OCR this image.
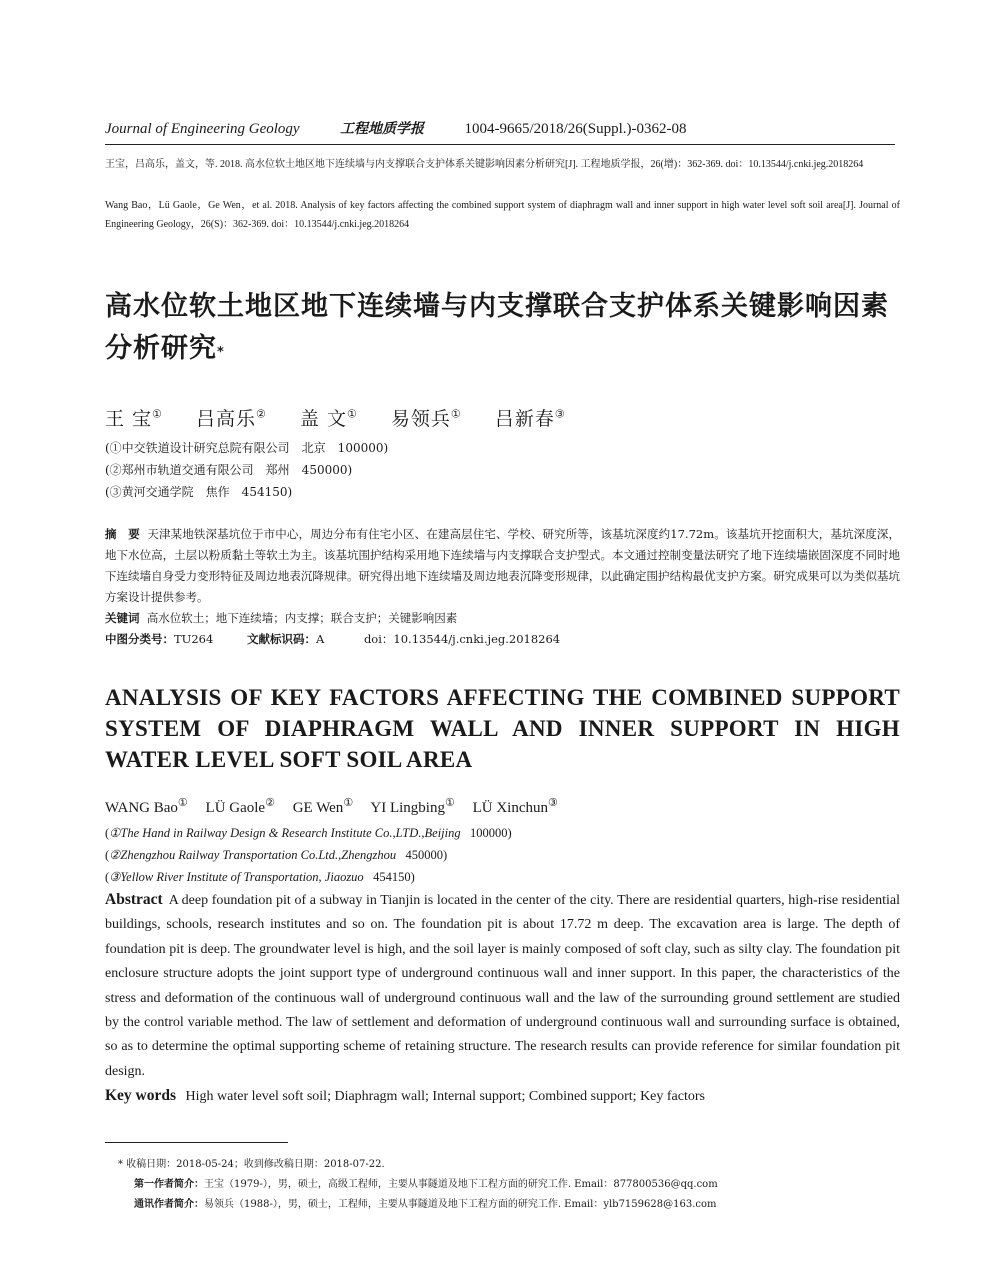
Journal of Engineering Geology	工程地质学报	1004-9665/2018/26(Suppl.)-0362-08
王宝，吕高乐，盖文，等. 2018. 高水位软土地区地下连续墙与内支撑联合支护体系关键影响因素分析研究[J]. 工程地质学报，26(增)：362-369. doi：10.13544/j.cnki.jeg.2018264
Wang Bao，Lü Gaole，Ge Wen，et al. 2018. Analysis of key factors affecting the combined support system of diaphragm wall and inner support in high water level soft soil area[J]. Journal of Engineering Geology，26(S)：362-369. doi：10.13544/j.cnki.jeg.2018264
高水位软土地区地下连续墙与内支撑联合支护体系关键影响因素分析研究*
王 宝① 吕高乐② 盖 文① 易领兵① 吕新春③
(①中交铁道设计研究总院有限公司　北京　100000)
(②郑州市轨道交通有限公司　郑州　450000)
(③黄河交通学院　焦作　454150)
摘　要 天津某地铁深基坑位于市中心，周边分布有住宅小区、在建高层住宅、学校、研究所等，该基坑深度约17.72m。该基坑开挖面积大，基坑深度深，地下水位高，土层以粉质黏土等软土为主。该基坑围护结构采用地下连续墙与内支撑联合支护型式。本文通过控制变量法研究了地下连续墙嵌固深度不同时地下连续墙自身受力变形特征及周边地表沉降规律。研究得出地下连续墙及周边地表沉降变形规律，以此确定围护结构最优支护方案。研究成果可以为类似基坑方案设计提供参考。
关键词 高水位软土；地下连续墙；内支撑；联合支护；关键影响因素
中图分类号：TU264	文献标识码：A	doi：10.13544/j.cnki.jeg.2018264
ANALYSIS OF KEY FACTORS AFFECTING THE COMBINED SUPPORT SYSTEM OF DIAPHRAGM WALL AND INNER SUPPORT IN HIGH WATER LEVEL SOFT SOIL AREA
WANG Bao① LÜ Gaole② GE Wen① YI Lingbing① LÜ Xinchun③
(①The Hand in Railway Design & Research Institute Co.,LTD.,Beijing 100000)
(②Zhengzhou Railway Transportation Co.Ltd.,Zhengzhou 450000)
(③Yellow River Institute of Transportation, Jiaozuo 454150)
Abstract A deep foundation pit of a subway in Tianjin is located in the center of the city. There are residential quarters, high-rise residential buildings, schools, research institutes and so on. The foundation pit is about 17.72 m deep. The excavation area is large. The depth of foundation pit is deep. The groundwater level is high, and the soil layer is mainly composed of soft clay, such as silty clay. The foundation pit enclosure structure adopts the joint support type of underground continuous wall and inner support. In this paper, the characteristics of the stress and deformation of the continuous wall of underground continuous wall and the law of the surrounding ground settlement are studied by the control variable method. The law of settlement and deformation of underground continuous wall and surrounding surface is obtained, so as to determine the optimal supporting scheme of retaining structure. The research results can provide reference for similar foundation pit design.
Key words High water level soft soil; Diaphragm wall; Internal support; Combined support; Key factors
* 收稿日期：2018-05-24；收到修改稿日期：2018-07-22.
第一作者简介：王宝（1979-），男，硕士，高级工程师，主要从事隧道及地下工程方面的研究工作. Email：877800536@qq.com
通讯作者简介：易领兵（1988-），男，硕士，工程师，主要从事隧道及地下工程方面的研究工作. Email：ylb7159628@163.com
